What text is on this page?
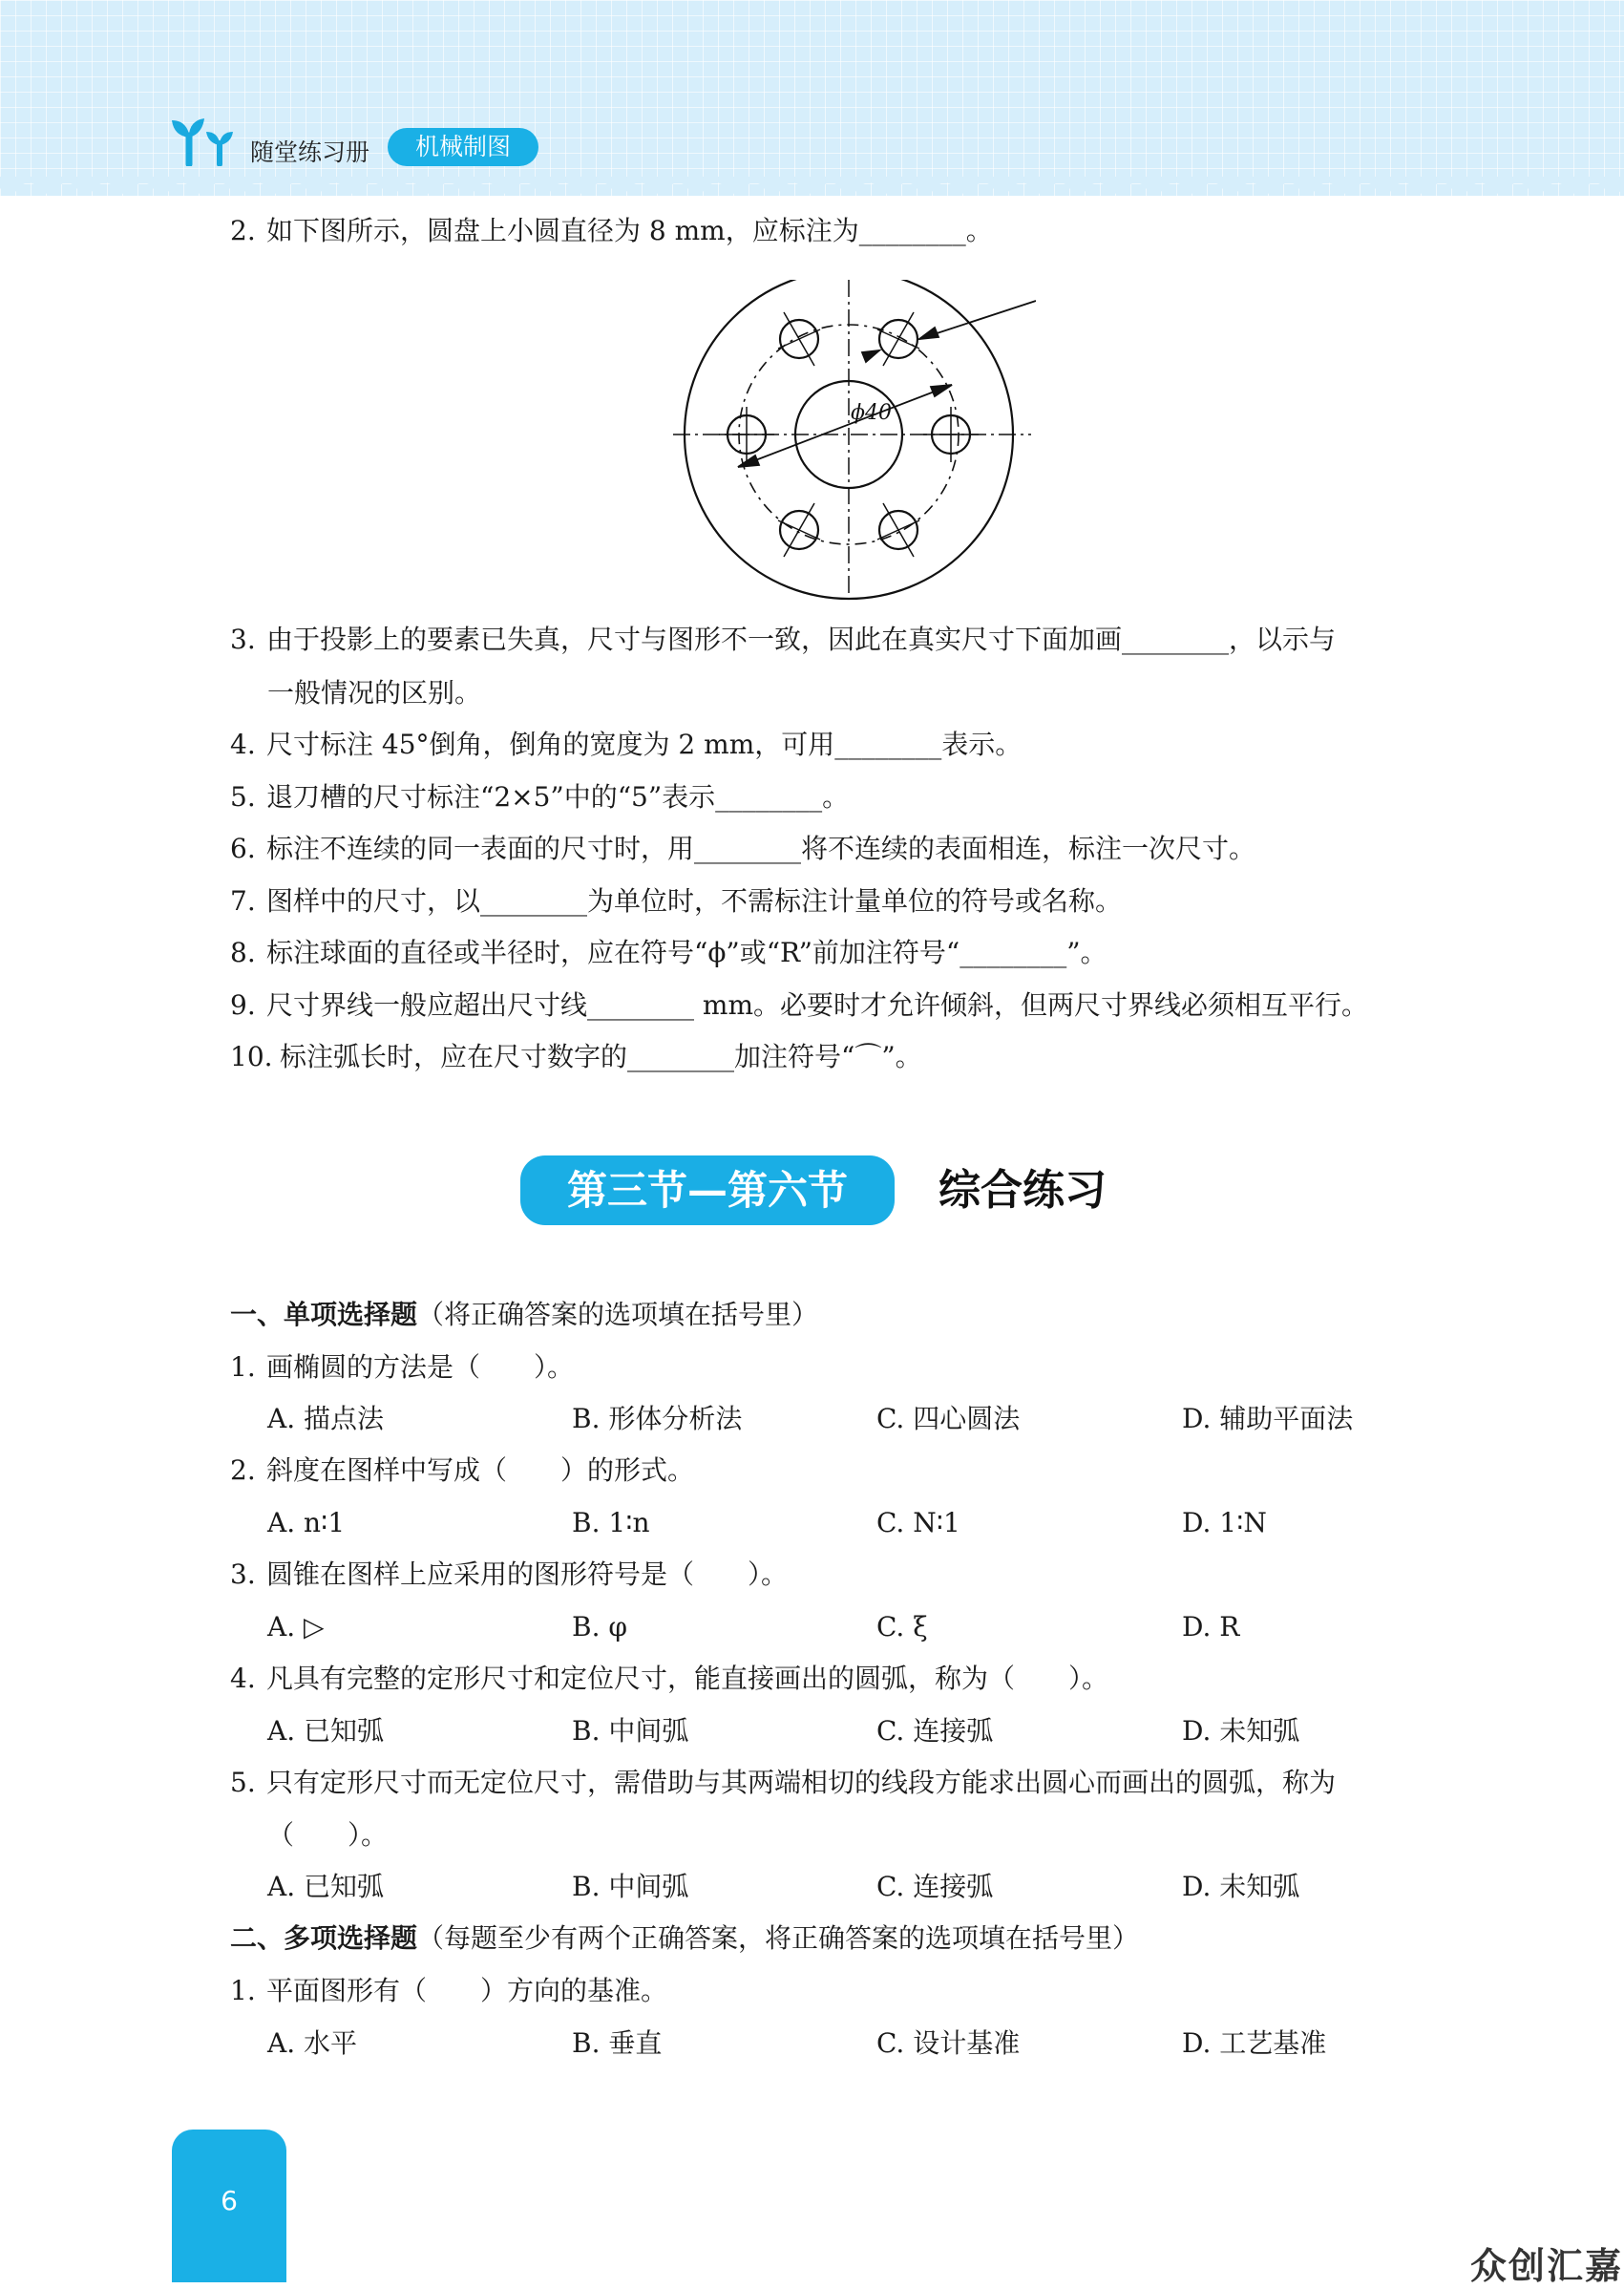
随堂练习册	机械制图
2. 如下图所示，圆盘上小圆直径为 8 mm，应标注为________。
ϕ40
3. 由于投影上的要素已失真，尺寸与图形不一致，因此在真实尺寸下面加画________，以示与
一般情况的区别。
4. 尺寸标注 45°倒角，倒角的宽度为 2 mm，可用________表示。
5. 退刀槽的尺寸标注“2×5”中的“5”表示________。
6. 标注不连续的同一表面的尺寸时，用________将不连续的表面相连，标注一次尺寸。
7. 图样中的尺寸，以________为单位时，不需标注计量单位的符号或名称。
8. 标注球面的直径或半径时，应在符号“ϕ”或“R”前加注符号“________”。
9. 尺寸界线一般应超出尺寸线________ mm。必要时才允许倾斜，但两尺寸界线必须相互平行。
10. 标注弧长时，应在尺寸数字的________加注符号“⌒”。
第三节—第六节	综合练习
一、单项选择题（将正确答案的选项填在括号里）
1. 画椭圆的方法是（　　）。
A. 描点法	B. 形体分析法	C. 四心圆法	D. 辅助平面法
2. 斜度在图样中写成（　　）的形式。
A. n∶1	B. 1∶n	C. N∶1	D. 1∶N
3. 圆锥在图样上应采用的图形符号是（　　）。
A. ▷	B. φ	C. ξ	D. R
4. 凡具有完整的定形尺寸和定位尺寸，能直接画出的圆弧，称为（　　）。
A. 已知弧	B. 中间弧	C. 连接弧	D. 未知弧
5. 只有定形尺寸而无定位尺寸，需借助与其两端相切的线段方能求出圆心而画出的圆弧，称为
（　　）。
A. 已知弧	B. 中间弧	C. 连接弧	D. 未知弧
二、多项选择题（每题至少有两个正确答案，将正确答案的选项填在括号里）
1. 平面图形有（　　）方向的基准。
A. 水平	B. 垂直	C. 设计基准	D. 工艺基准
6
众创汇嘉
